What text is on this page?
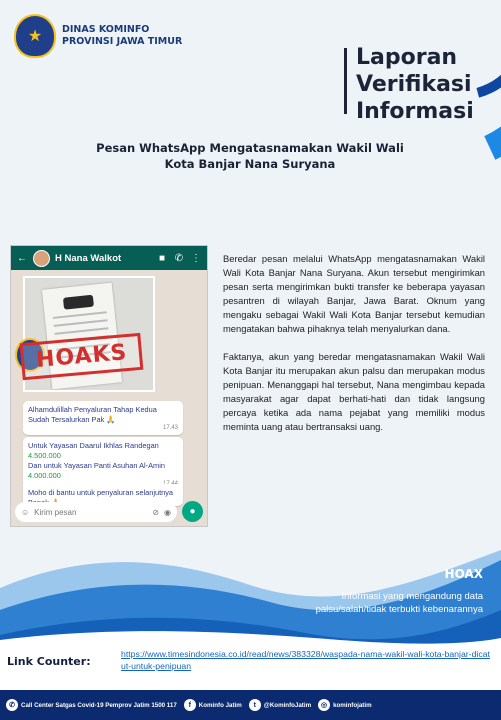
★	DINAS KOMINFO
PROVINSI JAWA TIMUR
Laporan
Verifikasi
Informasi
Pesan WhatsApp Mengatasnamakan Wakil Wali Kota Banjar Nana Suryana
←	H Nana Walkot	■ ✆ ⋮
HOAKS
Alhamdulillah Penyaluran Tahap Kedua Sudah Tersalurkan Pak 🙏
17.43
Untuk Yayasan Daarul Ikhlas Randegan 4.500.000
Dan untuk Yayasan Panti Asuhan Al-Amin 4.000.000
Moho di bantu untuk penyaluran selanjutnya
☺ Kirim pesan	⊘ ◉	●

Beredar pesan melalui WhatsApp mengatasnamakan Wakil Wali Kota Banjar Nana Suryana. Akun tersebut mengirimkan pesan serta mengirimkan bukti transfer ke beberapa yayasan pesantren di wilayah Banjar, Jawa Barat. Oknum yang mengaku sebagai Wakil Wali Kota Banjar tersebut kemudian mengatakan bahwa pihaknya telah menyalurkan dana.

Faktanya, akun yang beredar mengatasnamakan Wakil Wali Kota Banjar itu merupakan akun palsu dan merupakan modus penipuan. Menanggapi hal tersebut, Nana mengimbau kepada masyarakat agar dapat berhati-hati dan tidak langsung percaya ketika ada nama pejabat yang memiliki modus meminta uang atau bertransaksi uang.

HOAX
Informasi yang mengandung data palsu/salah/tidak terbukti kebenarannya
Link Counter:
https://www.timesindonesia.co.id/read/news/383328/waspada-nama-wakil-wali-kota-banjar-dicatut-untuk-penipuan
✆ Call Center Satgas Covid-19 Pemprov Jatim 1500 117	f	Kominfo Jatim	t	@KominfoJatim	◎ kominfojatim
